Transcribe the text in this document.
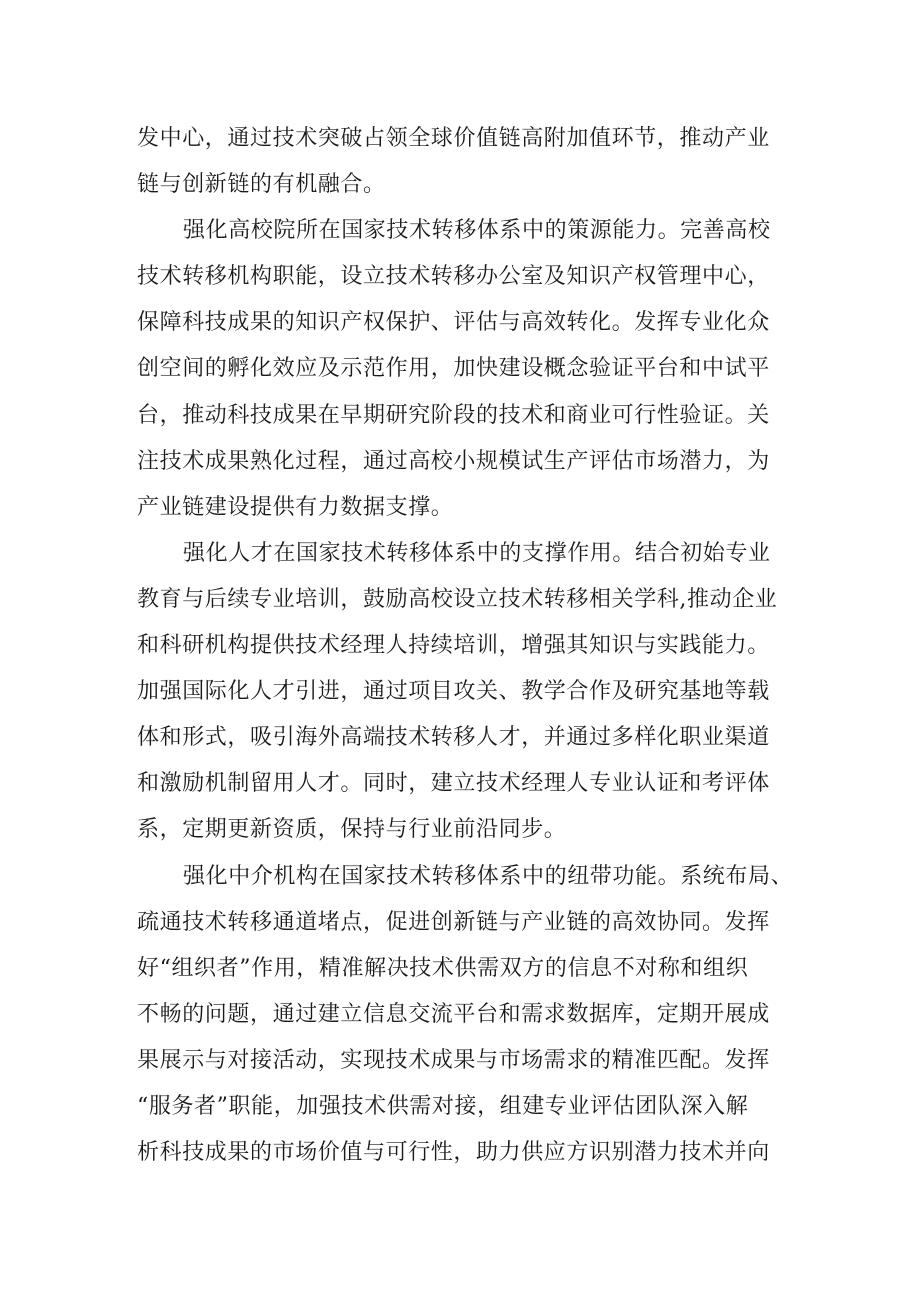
发中心，通过技术突破占领全球价值链高附加值环节，推动产业
链与创新链的有机融合。
强化高校院所在国家技术转移体系中的策源能力。完善高校
技术转移机构职能，设立技术转移办公室及知识产权管理中心，
保障科技成果的知识产权保护、评估与高效转化。发挥专业化众
创空间的孵化效应及示范作用，加快建设概念验证平台和中试平
台，推动科技成果在早期研究阶段的技术和商业可行性验证。关
注技术成果熟化过程，通过高校小规模试生产评估市场潜力，为
产业链建设提供有力数据支撑。
强化人才在国家技术转移体系中的支撑作用。结合初始专业
教育与后续专业培训，鼓励高校设立技术转移相关学科,推动企业
和科研机构提供技术经理人持续培训，增强其知识与实践能力。
加强国际化人才引进，通过项目攻关、教学合作及研究基地等载
体和形式，吸引海外高端技术转移人才，并通过多样化职业渠道
和激励机制留用人才。同时，建立技术经理人专业认证和考评体
系，定期更新资质，保持与行业前沿同步。
强化中介机构在国家技术转移体系中的纽带功能。系统布局、
疏通技术转移通道堵点，促进创新链与产业链的高效协同。发挥
好“组织者”作用，精准解决技术供需双方的信息不对称和组织
不畅的问题，通过建立信息交流平台和需求数据库，定期开展成
果展示与对接活动，实现技术成果与市场需求的精准匹配。发挥
“服务者”职能，加强技术供需对接，组建专业评估团队深入解
析科技成果的市场价值与可行性，助力供应方识别潜力技术并向
